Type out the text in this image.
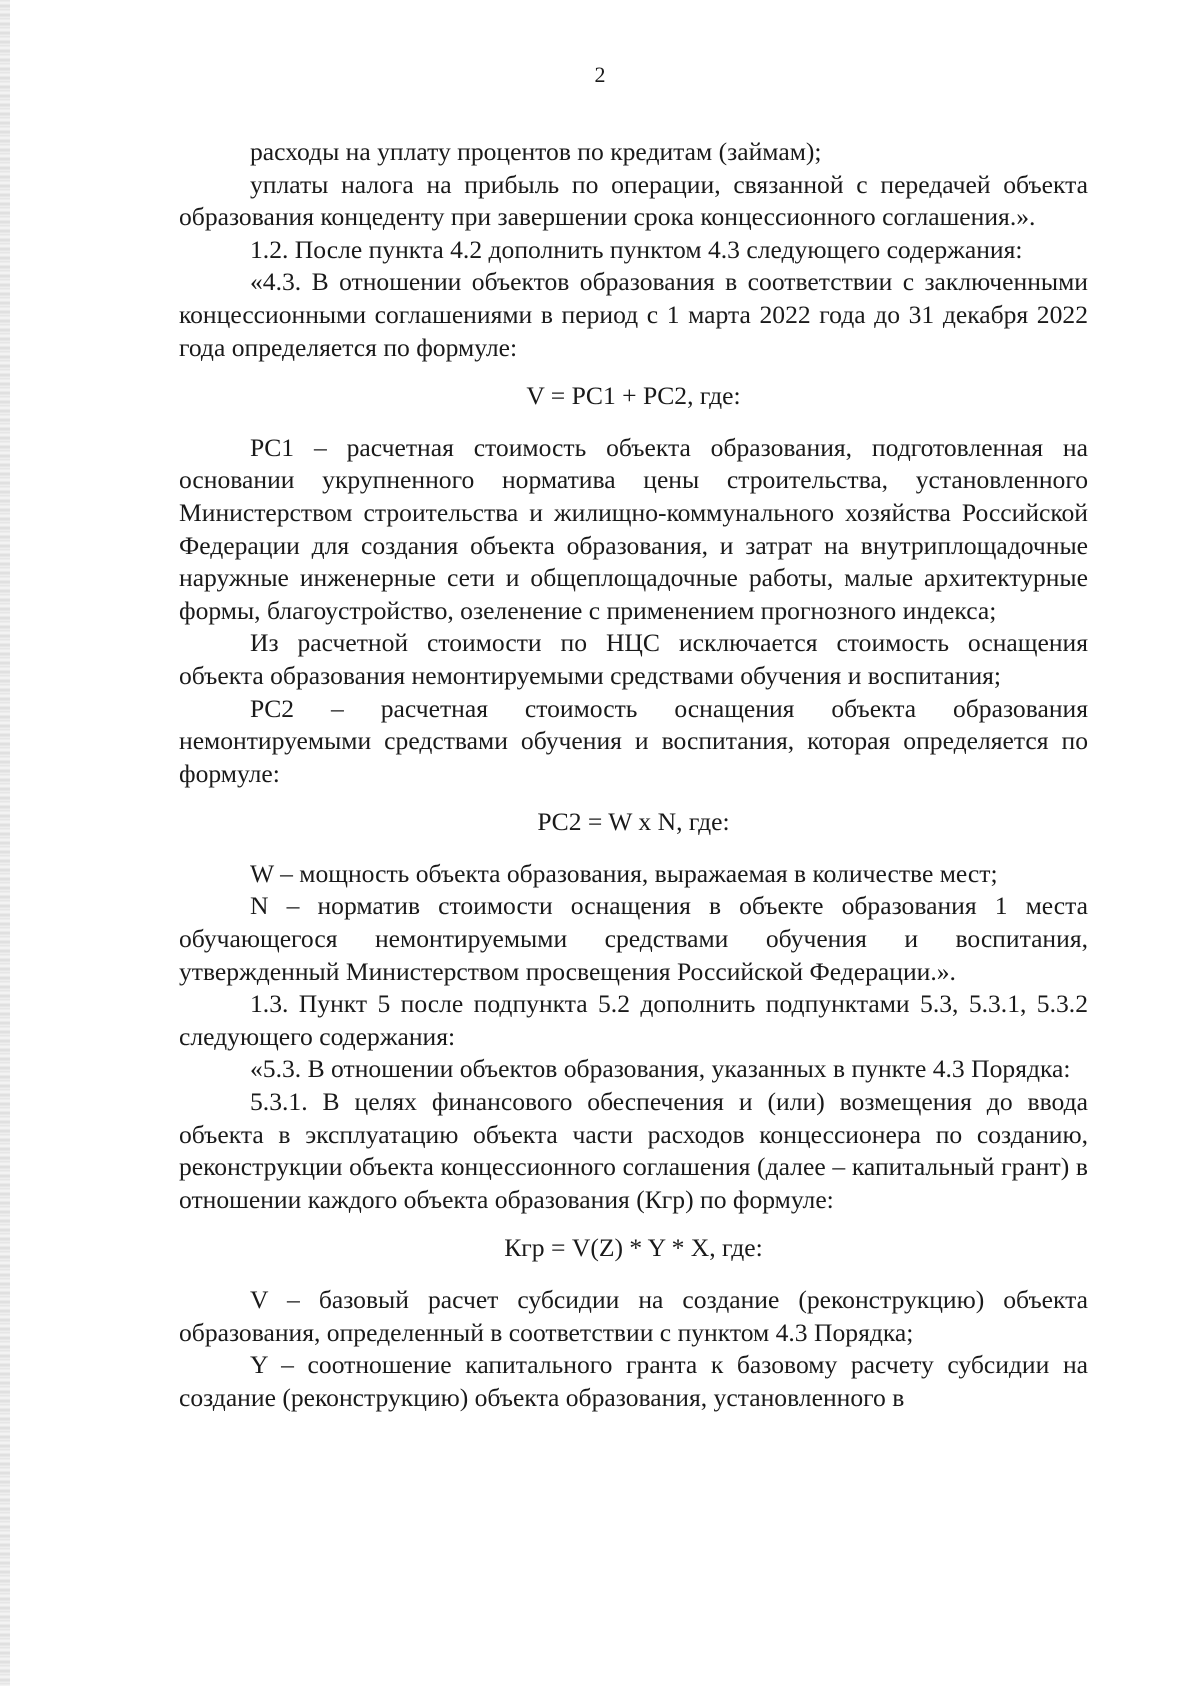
2

расходы на уплату процентов по кредитам (займам);

уплаты налога на прибыль по операции, связанной с передачей объекта образования концеденту при завершении срока концессионного соглашения.».

1.2. После пункта 4.2 дополнить пунктом 4.3 следующего содержания:

«4.3. В отношении объектов образования в соответствии с заключенными концессионными соглашениями в период с 1 марта 2022 года до 31 декабря 2022 года определяется по формуле:

V = PC1 + PC2, где:

PC1 – расчетная стоимость объекта образования, подготовленная на основании укрупненного норматива цены строительства, установленного Министерством строительства и жилищно-коммунального хозяйства Российской Федерации для создания объекта образования, и затрат на внутриплощадочные наружные инженерные сети и общеплощадочные работы, малые архитектурные формы, благоустройство, озеленение с применением прогнозного индекса;

Из расчетной стоимости по НЦС исключается стоимость оснащения объекта образования немонтируемыми средствами обучения и воспитания;

PC2 – расчетная стоимость оснащения объекта образования немонтируемыми средствами обучения и воспитания, которая определяется по формуле:

PC2 = W x N, где:

W – мощность объекта образования, выражаемая в количестве мест;

N – норматив стоимости оснащения в объекте образования 1 места обучающегося немонтируемыми средствами обучения и воспитания, утвержденный Министерством просвещения Российской Федерации.».

1.3. Пункт 5 после подпункта 5.2 дополнить подпунктами 5.3, 5.3.1, 5.3.2 следующего содержания:

«5.3. В отношении объектов образования, указанных в пункте 4.3 Порядка:

5.3.1. В целях финансового обеспечения и (или) возмещения до ввода объекта в эксплуатацию объекта части расходов концессионера по созданию, реконструкции объекта концессионного соглашения (далее – капитальный грант) в отношении каждого объекта образования (Кгр) по формуле:

Кгр = V(Z) * Y * X, где:

V – базовый расчет субсидии на создание (реконструкцию) объекта образования, определенный в соответствии с пунктом 4.3 Порядка;

Y – соотношение капитального гранта к базовому расчету субсидии на создание (реконструкцию) объекта образования, установленного в
